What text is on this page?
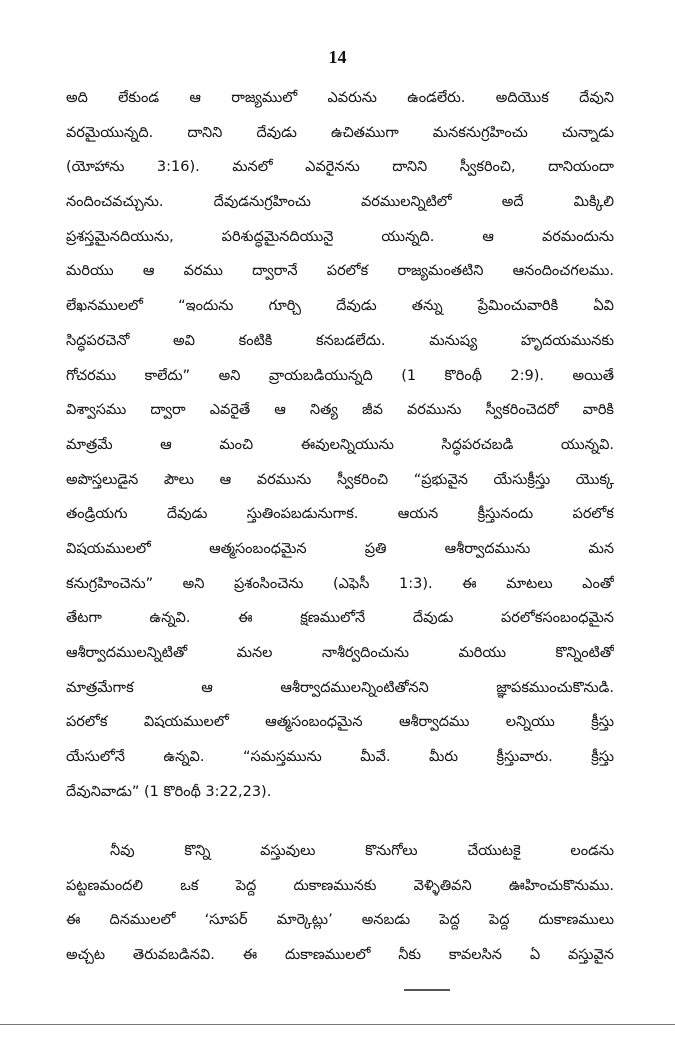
14
అది లేకుండ ఆ రాజ్యములో ఎవరును ఉండలేరు. అదియొక దేవుని
వరమైయున్నది. దానిని దేవుడు ఉచితముగా మనకనుగ్రహించు చున్నాడు
(యోహాను 3:16). మనలో ఎవరైనను దానిని స్వీకరించి, దానియందా
నందించవచ్చును. దేవుడనుగ్రహించు వరములన్నిటిలో అదే మిక్కిలి
ప్రశస్తమైనదియును, పరిశుద్ధమైనదియునై యున్నది. ఆ వరమందును
మరియు ఆ వరము ద్వారానే పరలోక రాజ్యమంతటిని ఆనందించగలము.
లేఖనములలో “ఇందును గూర్చి దేవుడు తన్ను ప్రేమించువారికి ఏవి
సిద్ధపరచెనో అవి కంటికి కనబడలేదు. మనుష్య హృదయమునకు
గోచరము కాలేదు” అని వ్రాయబడియున్నది (1 కొరింథీ 2:9). అయితే
విశ్వాసము ద్వారా ఎవరైతే ఆ నిత్య జీవ వరమును స్వీకరించెదరో వారికి
మాత్రమే ఆ మంచి ఈవులన్నియును సిద్ధపరచబడి యున్నవి.
అపొస్తలుడైన పౌలు ఆ వరమును స్వీకరించి “ప్రభువైన యేసుక్రీస్తు యొక్క
తండ్రియగు దేవుడు స్తుతింపబడునుగాక. ఆయన క్రీస్తునందు పరలోక
విషయములలో ఆత్మసంబంధమైన ప్రతి ఆశీర్వాదమును మన
కనుగ్రహించెను” అని ప్రశంసించెను (ఎఫెసీ 1:3). ఈ మాటలు ఎంతో
తేటగా ఉన్నవి. ఈ క్షణములోనే దేవుడు పరలోకసంబంధమైన
ఆశీర్వాదములన్నిటితో మనల నాశీర్వదించును మరియు కొన్నింటితో
మాత్రమేగాక ఆ ఆశీర్వాదములన్నింటితోనని జ్ఞాపకముంచుకొనుడి.
పరలోక విషయములలో ఆత్మసంబంధమైన ఆశీర్వాదము లన్నియు క్రీస్తు
యేసులోనే ఉన్నవి. “సమస్తమును మీవే. మీరు క్రీస్తువారు. క్రీస్తు
దేవునివాడు” (1 కొరింథీ 3:22,23).
నీవు కొన్ని వస్తువులు కొనుగోలు చేయుటకై లండను
పట్టణమందలి ఒక పెద్ద దుకాణమునకు వెళ్ళితివని ఊహించుకొనుము.
ఈ దినములలో ‘సూపర్ మార్కెట్లు’ అనబడు పెద్ద పెద్ద దుకాణములు
అచ్చట తెరువబడినవి. ఈ దుకాణములలో నీకు కావలసిన ఏ వస్తువైన
